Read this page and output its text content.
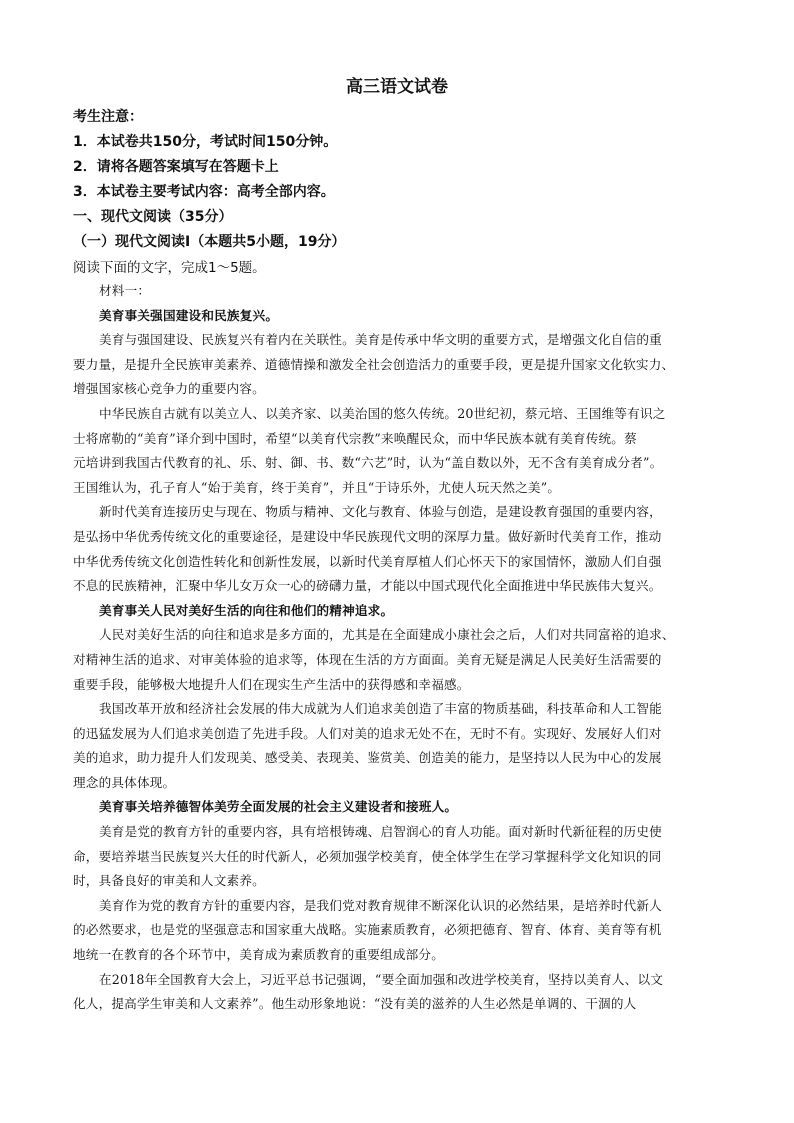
高三语文试卷
考生注意：
1．本试卷共150分，考试时间150分钟。
2．请将各题答案填写在答题卡上
3．本试卷主要考试内容：高考全部内容。
一、现代文阅读（35分）
（一）现代文阅读Ⅰ（本题共5小题，19分）
阅读下面的文字，完成1～5题。
材料一：
美育事关强国建设和民族复兴。
美育与强国建设、民族复兴有着内在关联性。美育是传承中华文明的重要方式，是增强文化自信的重
要力量，是提升全民族审美素养、道德情操和激发全社会创造活力的重要手段，更是提升国家文化软实力、
增强国家核心竞争力的重要内容。
中华民族自古就有以美立人、以美齐家、以美治国的悠久传统。20世纪初，蔡元培、王国维等有识之
士将席勒的“美育”译介到中国时，希望“以美育代宗教”来唤醒民众，而中华民族本就有美育传统。蔡
元培讲到我国古代教育的礼、乐、射、御、书、数“六艺”时，认为“盖自数以外，无不含有美育成分者”。
王国维认为，孔子育人“始于美育，终于美育”，并且“于诗乐外，尤使人玩天然之美”。
新时代美育连接历史与现在、物质与精神、文化与教育、体验与创造，是建设教育强国的重要内容，
是弘扬中华优秀传统文化的重要途径，是建设中华民族现代文明的深厚力量。做好新时代美育工作，推动
中华优秀传统文化创造性转化和创新性发展，以新时代美育厚植人们心怀天下的家国情怀，激励人们自强
不息的民族精神，汇聚中华儿女万众一心的磅礴力量，才能以中国式现代化全面推进中华民族伟大复兴。
美育事关人民对美好生活的向往和他们的精神追求。
人民对美好生活的向往和追求是多方面的，尤其是在全面建成小康社会之后，人们对共同富裕的追求、
对精神生活的追求、对审美体验的追求等，体现在生活的方方面面。美育无疑是满足人民美好生活需要的
重要手段，能够极大地提升人们在现实生产生活中的获得感和幸福感。
我国改革开放和经济社会发展的伟大成就为人们追求美创造了丰富的物质基础，科技革命和人工智能
的迅猛发展为人们追求美创造了先进手段。人们对美的追求无处不在，无时不有。实现好、发展好人们对
美的追求，助力提升人们发现美、感受美、表现美、鉴赏美、创造美的能力，是坚持以人民为中心的发展
理念的具体体现。
美育事关培养德智体美劳全面发展的社会主义建设者和接班人。
美育是党的教育方针的重要内容，具有培根铸魂、启智润心的育人功能。面对新时代新征程的历史使
命，要培养堪当民族复兴大任的时代新人，必须加强学校美育，使全体学生在学习掌握科学文化知识的同
时，具备良好的审美和人文素养。
美育作为党的教育方针的重要内容，是我们党对教育规律不断深化认识的必然结果，是培养时代新人
的必然要求，也是党的坚强意志和国家重大战略。实施素质教育，必须把德育、智育、体育、美育等有机
地统一在教育的各个环节中，美育成为素质教育的重要组成部分。
在2018年全国教育大会上，习近平总书记强调，“要全面加强和改进学校美育，坚持以美育人、以文
化人，提高学生审美和人文素养”。他生动形象地说：“没有美的滋养的人生必然是单调的、干涸的人
